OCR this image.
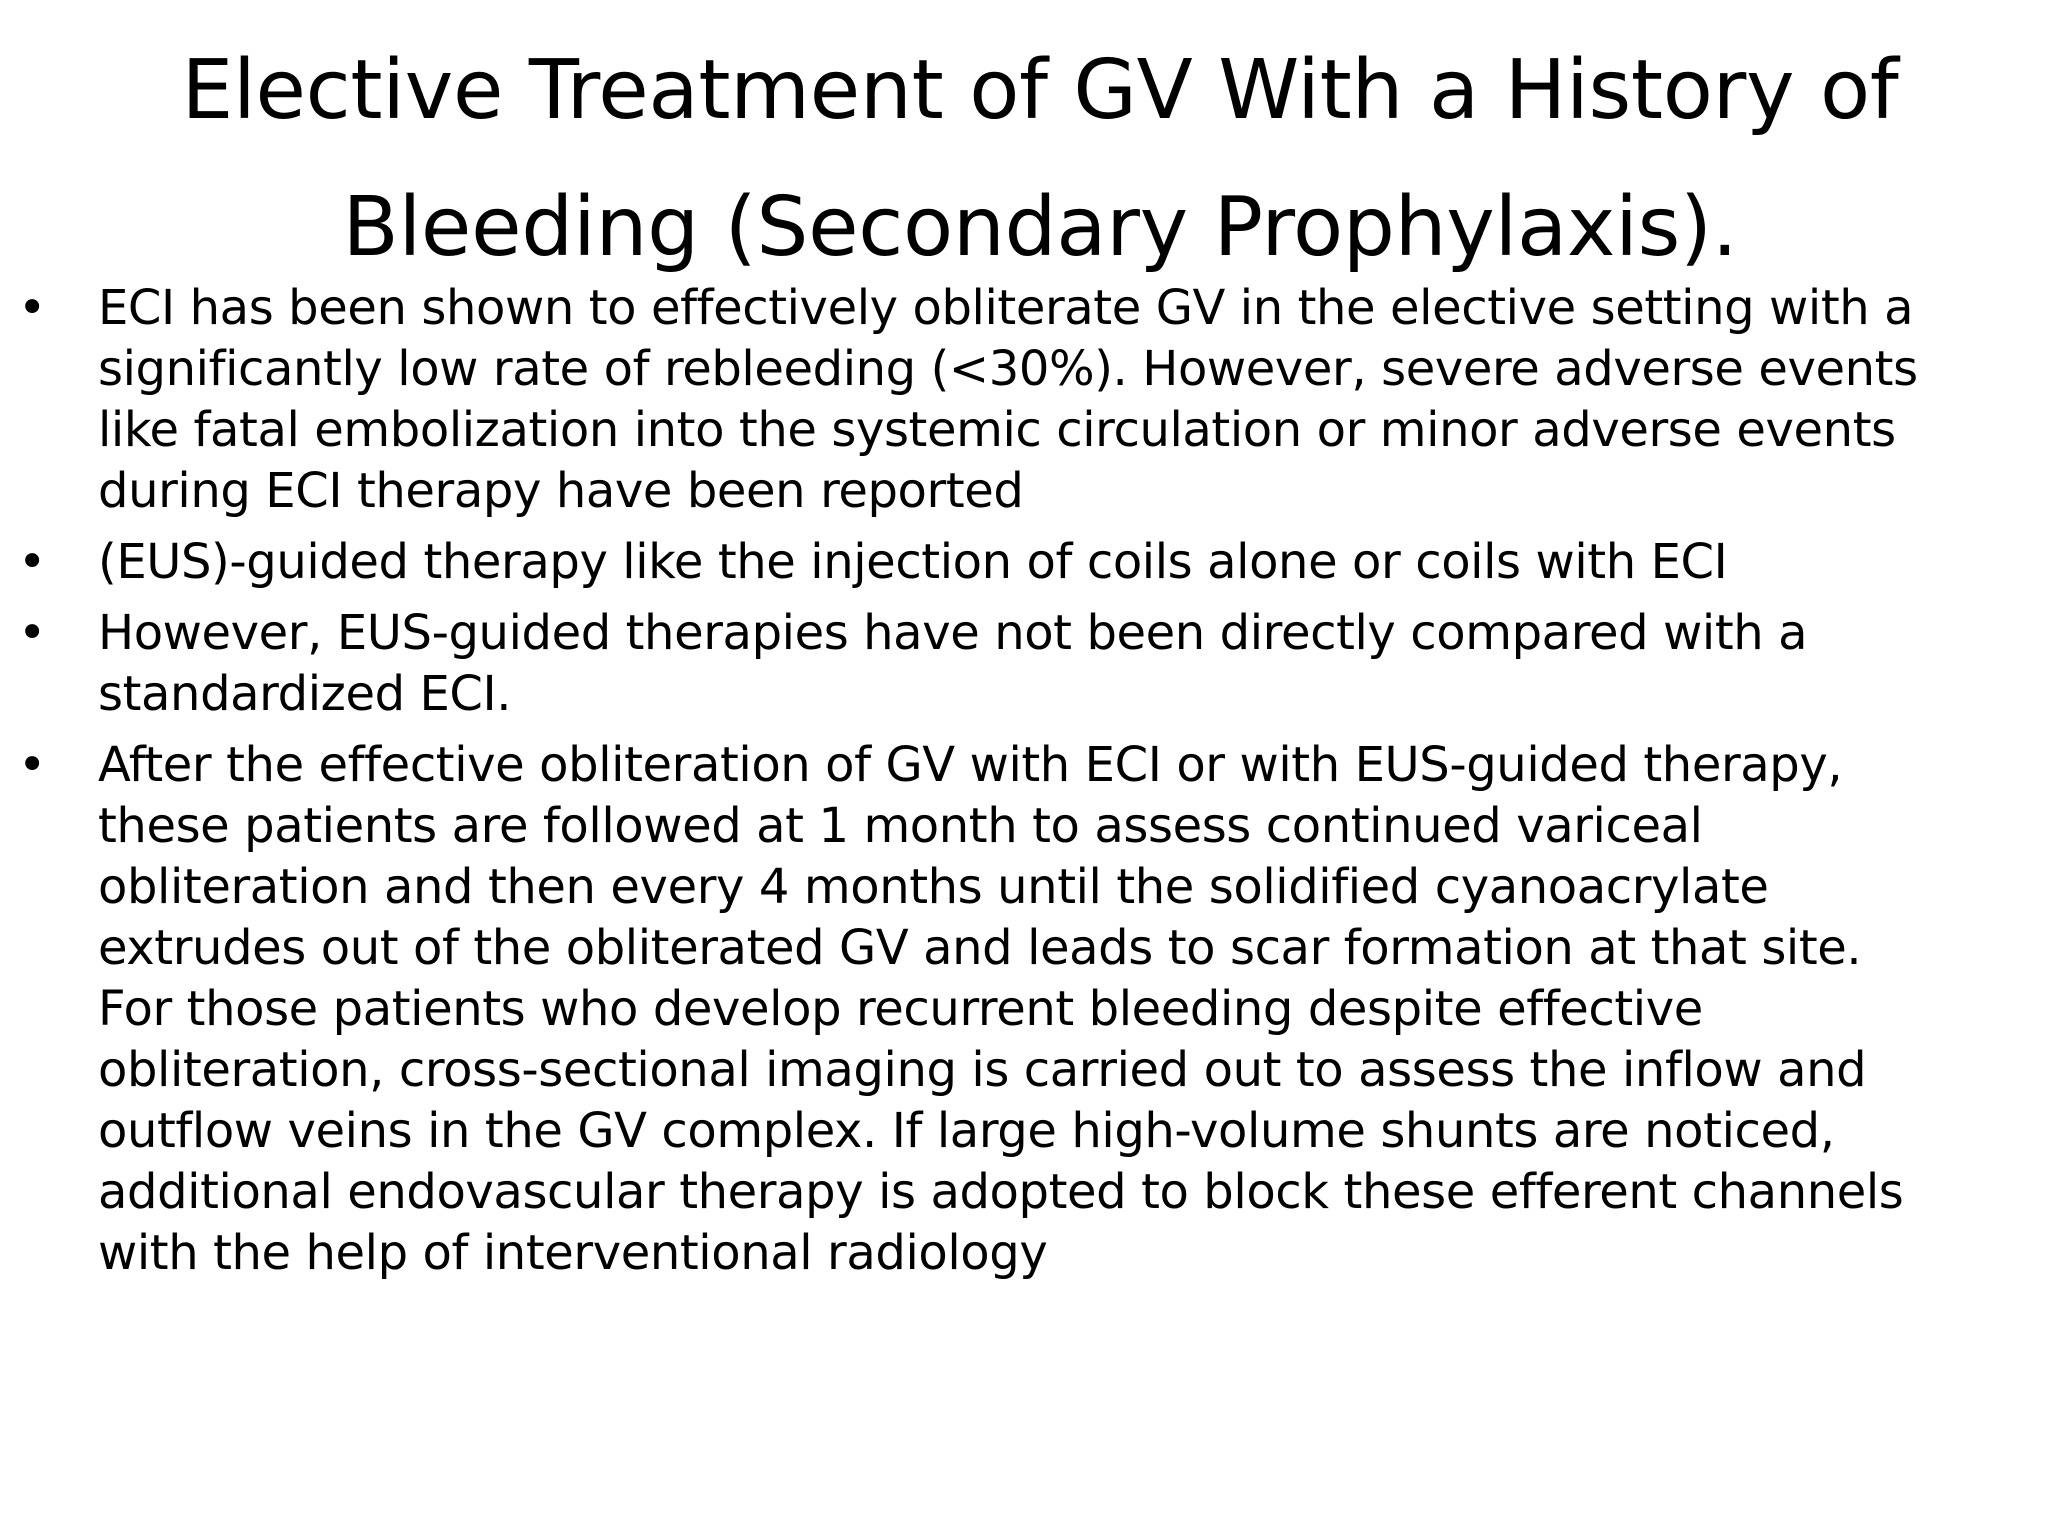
Elective Treatment of GV With a History of
Bleeding (Secondary Prophylaxis).
• ECI has been shown to effectively obliterate GV in the elective setting with a
significantly low rate of rebleeding (<30%). However, severe adverse events
like fatal embolization into the systemic circulation or minor adverse events
during ECI therapy have been reported
• (EUS)-guided therapy like the injection of coils alone or coils with ECI
• However, EUS-guided therapies have not been directly compared with a
standardized ECI.
• After the effective obliteration of GV with ECI or with EUS-guided therapy,
these patients are followed at 1 month to assess continued variceal
obliteration and then every 4 months until the solidified cyanoacrylate
extrudes out of the obliterated GV and leads to scar formation at that site.
For those patients who develop recurrent bleeding despite effective
obliteration, cross-sectional imaging is carried out to assess the inflow and
outflow veins in the GV complex. If large high-volume shunts are noticed,
additional endovascular therapy is adopted to block these efferent channels
with the help of interventional radiology
